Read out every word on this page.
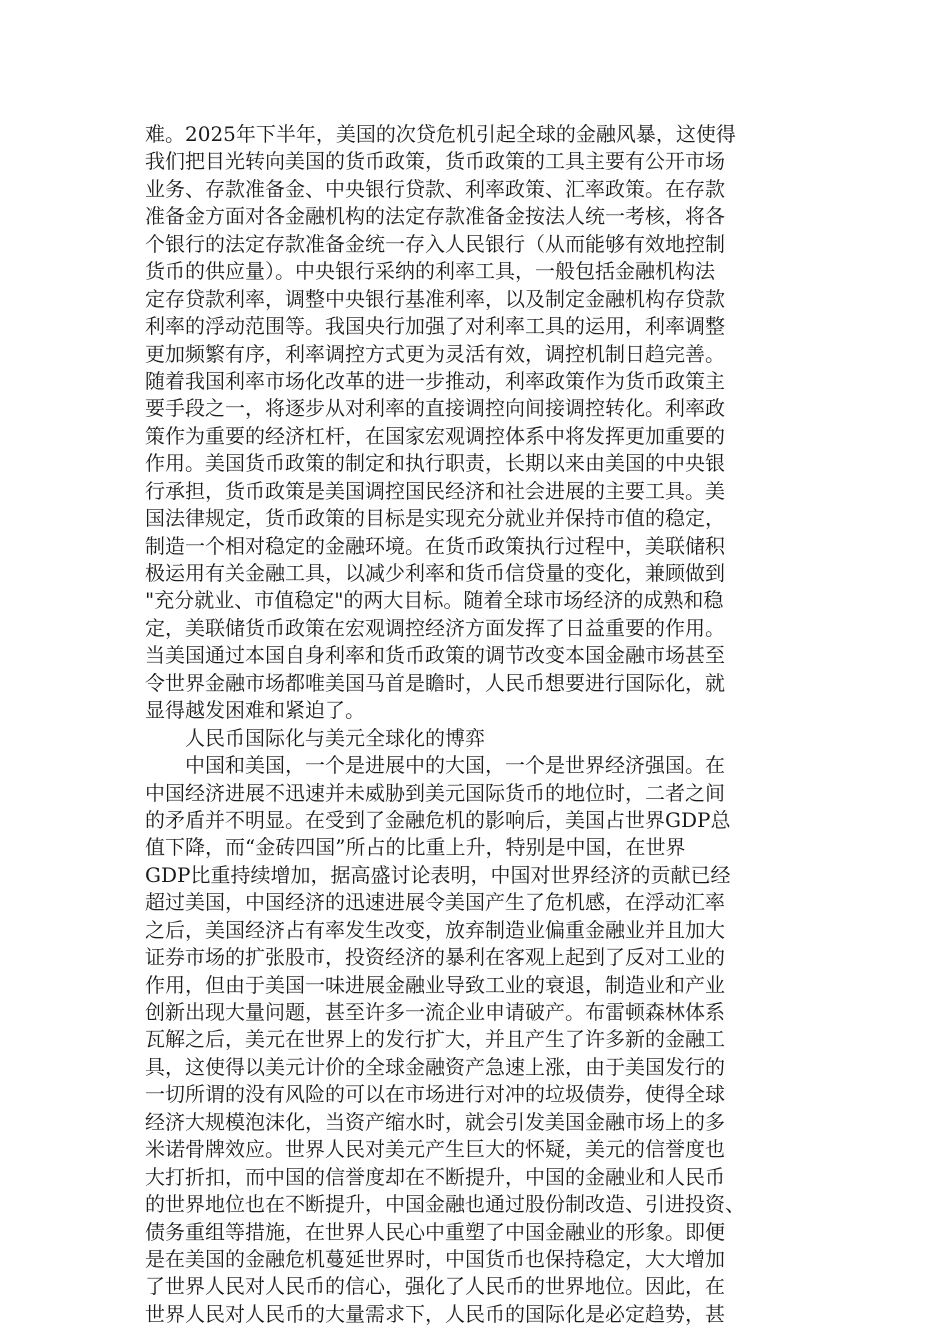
难。2025年下半年，美国的次贷危机引起全球的金融风暴，这使得
我们把目光转向美国的货币政策，货币政策的工具主要有公开市场
业务、存款准备金、中央银行贷款、利率政策、汇率政策。在存款
准备金方面对各金融机构的法定存款准备金按法人统一考核，将各
个银行的法定存款准备金统一存入人民银行（从而能够有效地控制
货币的供应量）。中央银行采纳的利率工具，一般包括金融机构法
定存贷款利率，调整中央银行基准利率，以及制定金融机构存贷款
利率的浮动范围等。我国央行加强了对利率工具的运用，利率调整
更加频繁有序，利率调控方式更为灵活有效，调控机制日趋完善。
随着我国利率市场化改革的进一步推动，利率政策作为货币政策主
要手段之一，将逐步从对利率的直接调控向间接调控转化。利率政
策作为重要的经济杠杆，在国家宏观调控体系中将发挥更加重要的
作用。美国货币政策的制定和执行职责，长期以来由美国的中央银
行承担，货币政策是美国调控国民经济和社会进展的主要工具。美
国法律规定，货币政策的目标是实现充分就业并保持市值的稳定，
制造一个相对稳定的金融环境。在货币政策执行过程中，美联储积
极运用有关金融工具，以减少利率和货币信贷量的变化，兼顾做到
"充分就业、市值稳定"的两大目标。随着全球市场经济的成熟和稳
定，美联储货币政策在宏观调控经济方面发挥了日益重要的作用。
当美国通过本国自身利率和货币政策的调节改变本国金融市场甚至
令世界金融市场都唯美国马首是瞻时，人民币想要进行国际化，就
显得越发困难和紧迫了。
人民币国际化与美元全球化的博弈
中国和美国，一个是进展中的大国，一个是世界经济强国。在
中国经济进展不迅速并未威胁到美元国际货币的地位时，二者之间
的矛盾并不明显。在受到了金融危机的影响后，美国占世界GDP总
值下降，而“金砖四国”所占的比重上升，特别是中国，在世界
GDP比重持续增加，据高盛讨论表明，中国对世界经济的贡献已经
超过美国，中国经济的迅速进展令美国产生了危机感，在浮动汇率
之后，美国经济占有率发生改变，放弃制造业偏重金融业并且加大
证券市场的扩张股市，投资经济的暴利在客观上起到了反对工业的
作用，但由于美国一味进展金融业导致工业的衰退，制造业和产业
创新出现大量问题，甚至许多一流企业申请破产。布雷顿森林体系
瓦解之后，美元在世界上的发行扩大，并且产生了许多新的金融工
具，这使得以美元计价的全球金融资产急速上涨，由于美国发行的
一切所谓的没有风险的可以在市场进行对冲的垃圾债券，使得全球
经济大规模泡沫化，当资产缩水时，就会引发美国金融市场上的多
米诺骨牌效应。世界人民对美元产生巨大的怀疑，美元的信誉度也
大打折扣，而中国的信誉度却在不断提升，中国的金融业和人民币
的世界地位也在不断提升，中国金融也通过股份制改造、引进投资、
债务重组等措施，在世界人民心中重塑了中国金融业的形象。即便
是在美国的金融危机蔓延世界时，中国货币也保持稳定，大大增加
了世界人民对人民币的信心，强化了人民币的世界地位。因此，在
世界人民对人民币的大量需求下，人民币的国际化是必定趋势，甚
